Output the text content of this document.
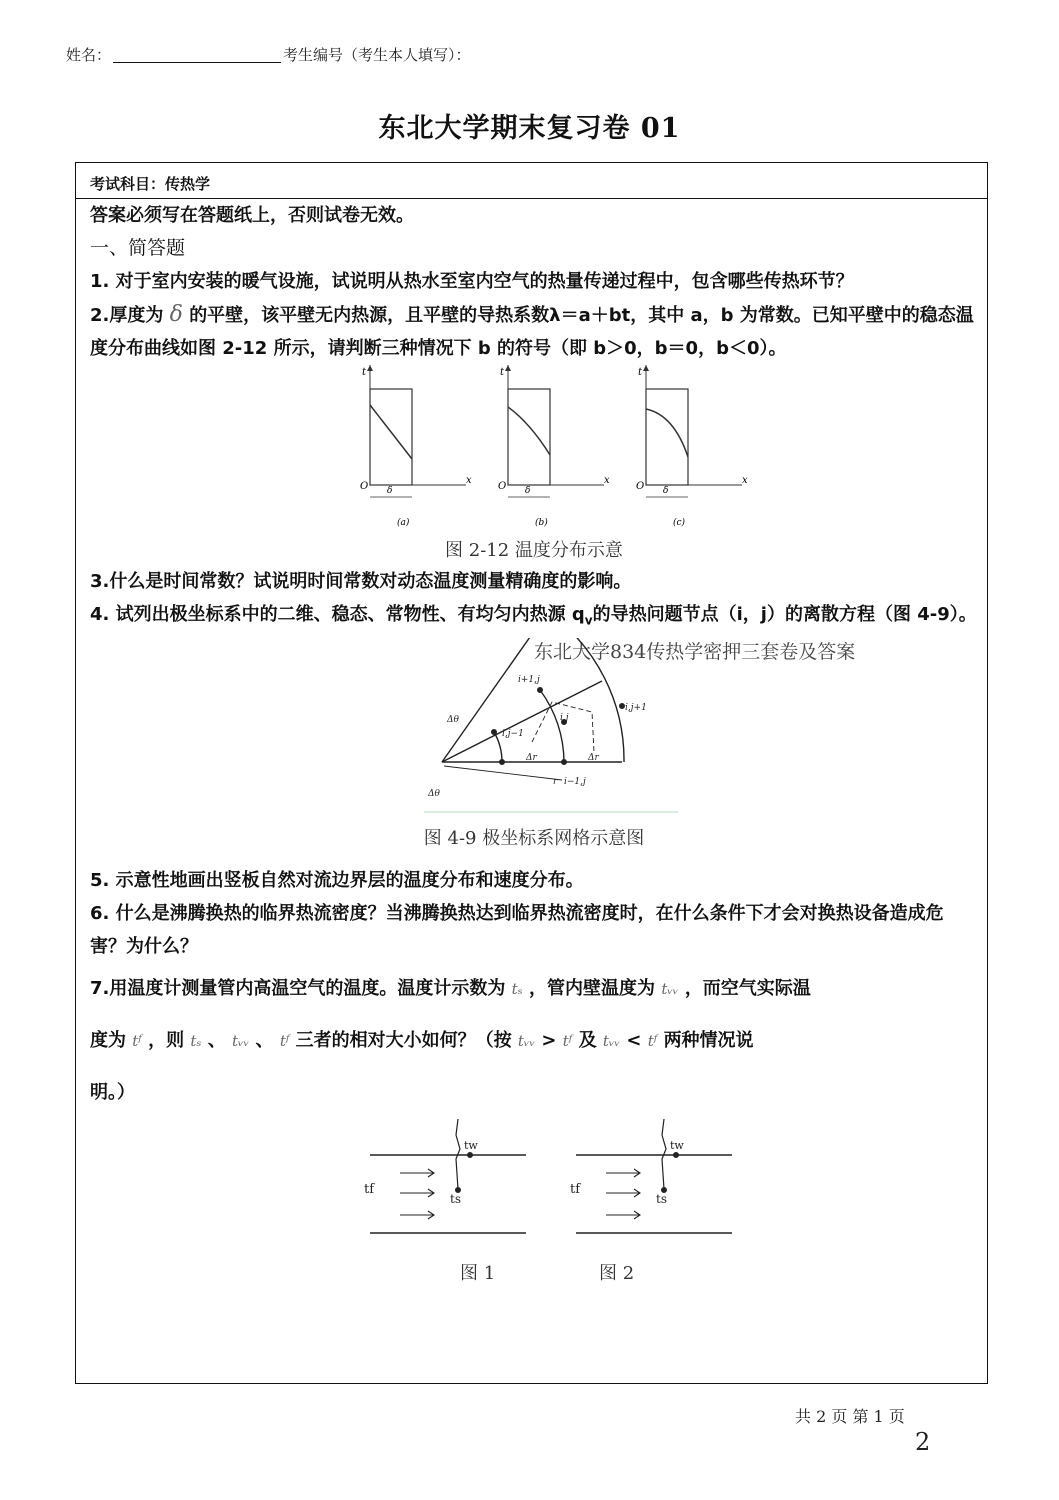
姓名：	考生编号（考生本人填写）：
东北大学期末复习卷 01
考试科目：传热学

答案必须写在答题纸上，否则试卷无效。

一、简答题

1. 对于室内安装的暖气设施，试说明从热水至室内空气的热量传递过程中，包含哪些传热环节？

2.厚度为 δ 的平壁，该平壁无内热源，且平壁的导热系数λ＝a＋bt，其中 a，b 为常数。已知平壁中的稳态温度分布曲线如图 2-12 所示，请判断三种情况下 b 的符号（即 b＞0，b＝0，b＜0）。

t
x
O δ
(a)
t
x
O δ
(b)
t
x
O δ
(c)
图 2-12 温度分布示意

3.什么是时间常数？试说明时间常数对动态温度测量精确度的影响。

4. 试列出极坐标系中的二维、稳态、常物性、有均匀内热源 $q_v$的导热问题节点（i，j）的离散方程（图 4-9）。

东北大学834传热学密押三套卷及答案
i+1,j
i,j+1
i,j−1
i,j
i−1,j
Δθ
Δr	Δr
r
Δθ
图 4-9 极坐标系网格示意图

5. 示意性地画出竖板自然对流边界层的温度分布和速度分布。

6. 什么是沸腾换热的临界热流密度？当沸腾换热达到临界热流密度时，在什么条件下才会对换热设备造成危害？为什么？

7.用温度计测量管内高温空气的温度。温度计示数为 tₛ ，管内壁温度为 tᵥᵥ ，而空气实际温
度为 tᶠ ，则 tₛ 、 tᵥᵥ 、 tᶠ 三者的相对大小如何？（按 tᵥᵥ > tᶠ 及 tᵥᵥ < tᶠ 两种情况说
明。）

tf
ts
tw
tf
ts
tw
图 1	图 2
共 2 页 第 1 页
2
